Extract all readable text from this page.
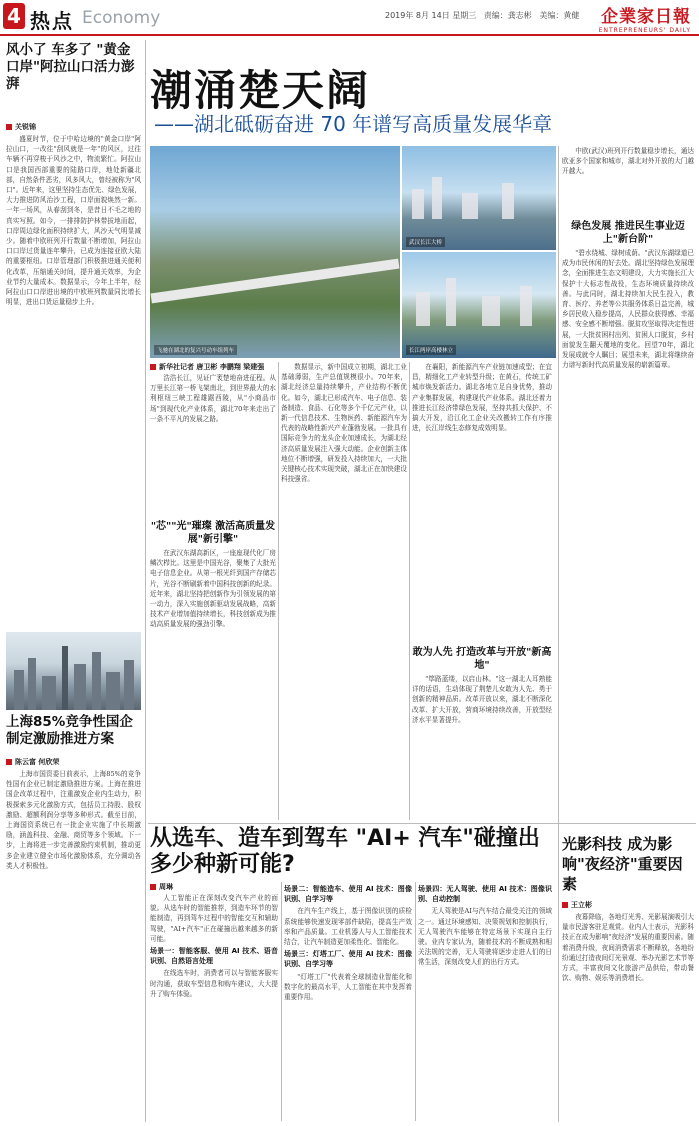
4 热点 Economy	2019年 8月 14日 星期三 责编：龚志彬 美编：黄健 企業家日報
ENTREPRENEURS' DAILY
风小了 车多了 "黄金口岸"阿拉山口活力澎湃
关锐锦

盛夏时节，位于中哈边境的"黄金口岸"阿拉山口，一改往"刮风就是一年"的风区，过往车辆不再穿梭于风沙之中，物流繁忙。阿拉山口是我国西部重要的陆路口岸，地处新疆北部，自然条件恶劣，风多风大，曾经被称为"风口"。近年来，这里坚持生态优先、绿色发展，大力推进防风治沙工程，口岸面貌焕然一新。一年一场风，从春刮到冬，是昔日不毛之地的真实写照。如今，一排排防护林带拔地而起，口岸周边绿化面积持续扩大，风沙天气明显减少。随着中欧班列开行数量不断增加，阿拉山口口岸过货量连年攀升，已成为连接亚欧大陆的重要枢纽。口岸管理部门积极推进通关便利化改革，压缩通关时间，提升通关效率，为企业节约大量成本。数据显示，今年上半年，经阿拉山口口岸进出境的中欧班列数量同比增长明显，进出口货运量稳步上升。

上海85%竞争性国企制定激励推进方案
陈云富 何欣荣

上海市国资委日前表示，上海85%的竞争性国有企业已制定激励推进方案。上海在推进国企改革过程中，注重激发企业内生动力，积极探索多元化激励方式，包括员工持股、股权激励、超额利润分享等多种形式。截至目前，上海国资系统已有一批企业实施了中长期激励，涵盖科技、金融、商贸等多个领域。下一步，上海将进一步完善激励约束机制，推动更多企业建立健全市场化激励体系，充分调动各类人才积极性。

潮涌楚天阔
——湖北砥砺奋进 70 年谱写高质量发展华章
飞驰在湖北的复兴号动车组列车
武汉长江大桥
长江两岸高楼林立
新华社记者 唐卫彬 李鹏翔 梁建强

浩浩长江，见证广袤楚地奋进征程。从万里长江第一桥飞架南北，到世界最大的水利枢纽三峡工程雄踞西陵，从"小商品市场"到现代化产业体系，湖北70年来走出了一条不平凡的发展之路。

"芯""光"璀璨 激活高质量发展"新引擎"

在武汉东湖高新区，一座座现代化厂房鳞次栉比。这里是中国光谷，聚集了大批光电子信息企业。从第一根光纤到国产存储芯片，光谷不断刷新着中国科技创新的纪录。近年来，湖北坚持把创新作为引领发展的第一动力，深入实施创新驱动发展战略，高新技术产业增加值持续增长，科技创新成为推动高质量发展的强劲引擎。

数据显示，新中国成立初期，湖北工业基础薄弱，生产总值规模很小。70年来，湖北经济总量持续攀升，产业结构不断优化。如今，湖北已形成汽车、电子信息、装备制造、食品、石化等多个千亿元产业，以新一代信息技术、生物医药、新能源汽车为代表的战略性新兴产业蓬勃发展。一批具有国际竞争力的龙头企业加速成长，为湖北经济高质量发展注入强大动能。企业创新主体地位不断增强，研发投入持续加大，一大批关键核心技术实现突破，湖北正在加快建设科技强省。

在襄阳，新能源汽车产业链加速成型；在宜昌，精细化工产业转型升级；在黄石，传统工矿城市焕发新活力。湖北各地立足自身优势，推动产业集群发展，构建现代产业体系。湖北还着力推进长江经济带绿色发展，坚持共抓大保护、不搞大开发，沿江化工企业关改搬转工作有序推进，长江岸线生态修复成效明显。

敢为人先 打造改革与开放"新高地"

"筚路蓝缕，以启山林。"这一湖北人耳熟能详的话语，生动体现了荆楚儿女敢为人先、勇于创新的精神品质。改革开放以来，湖北不断深化改革、扩大开放，营商环境持续改善，开放型经济水平显著提升。

中欧(武汉)班列开行数量稳步增长，通达欧亚多个国家和城市，湖北对外开放的大门越开越大。

绿色发展 推进民生事业迈上"新台阶"

"碧水绕城、绿树成荫。"武汉东湖绿道已成为市民休闲的好去处。湖北坚持绿色发展理念，全面推进生态文明建设，大力实施长江大保护十大标志性战役，生态环境质量持续改善。与此同时，湖北持续加大民生投入，教育、医疗、养老等公共服务体系日益完善，城乡居民收入稳步提高，人民群众获得感、幸福感、安全感不断增强。脱贫攻坚取得决定性进展，一大批贫困村出列、贫困人口脱贫，乡村面貌发生翻天覆地的变化。回望70年，湖北发展成就令人瞩目；展望未来，湖北将继续奋力谱写新时代高质量发展的崭新篇章。

从选车、造车到驾车 "AI+ 汽车"碰撞出多少种新可能?
周琳

人工智能正在深刻改变汽车产业的面貌。从选车时的智能推荐，到造车环节的智能制造，再到驾车过程中的智能交互和辅助驾驶，"AI+汽车"正在碰撞出越来越多的新可能。

场景一：智能客服、使用 AI 技术、语音识别、自然语言处理

在线选车时，消费者可以与智能客服实时沟通，获取车型信息和购车建议，大大提升了购车体验。

场景二：智能造车、使用 AI 技术：图像识别、自学习等

在汽车生产线上，基于图像识别的质检系统能够快速发现零部件缺陷，提高生产效率和产品质量。工业机器人与人工智能技术结合，让汽车制造更加柔性化、智能化。

场景三：灯塔工厂、使用 AI 技术：图像识别、自学习等

"灯塔工厂"代表着全球制造业智能化和数字化的最高水平，人工智能在其中发挥着重要作用。

场景四：无人驾驶、使用 AI 技术：图像识别、自动控制

无人驾驶是AI与汽车结合最受关注的领域之一。通过环境感知、决策规划和控制执行，无人驾驶汽车能够在特定场景下实现自主行驶。业内专家认为，随着技术的不断成熟和相关法规的完善，无人驾驶将逐步走进人们的日常生活，深刻改变人们的出行方式。

光影科技 成为影响"夜经济"重要因素
王立彬

夜幕降临，各地灯光秀、光影展演吸引大量市民游客驻足观赏。业内人士表示，光影科技正在成为影响"夜经济"发展的重要因素。随着消费升级，夜间消费需求不断释放，各地纷纷通过打造夜间灯光景观、举办光影艺术节等方式，丰富夜间文化旅游产品供给，带动餐饮、购物、娱乐等消费增长。
